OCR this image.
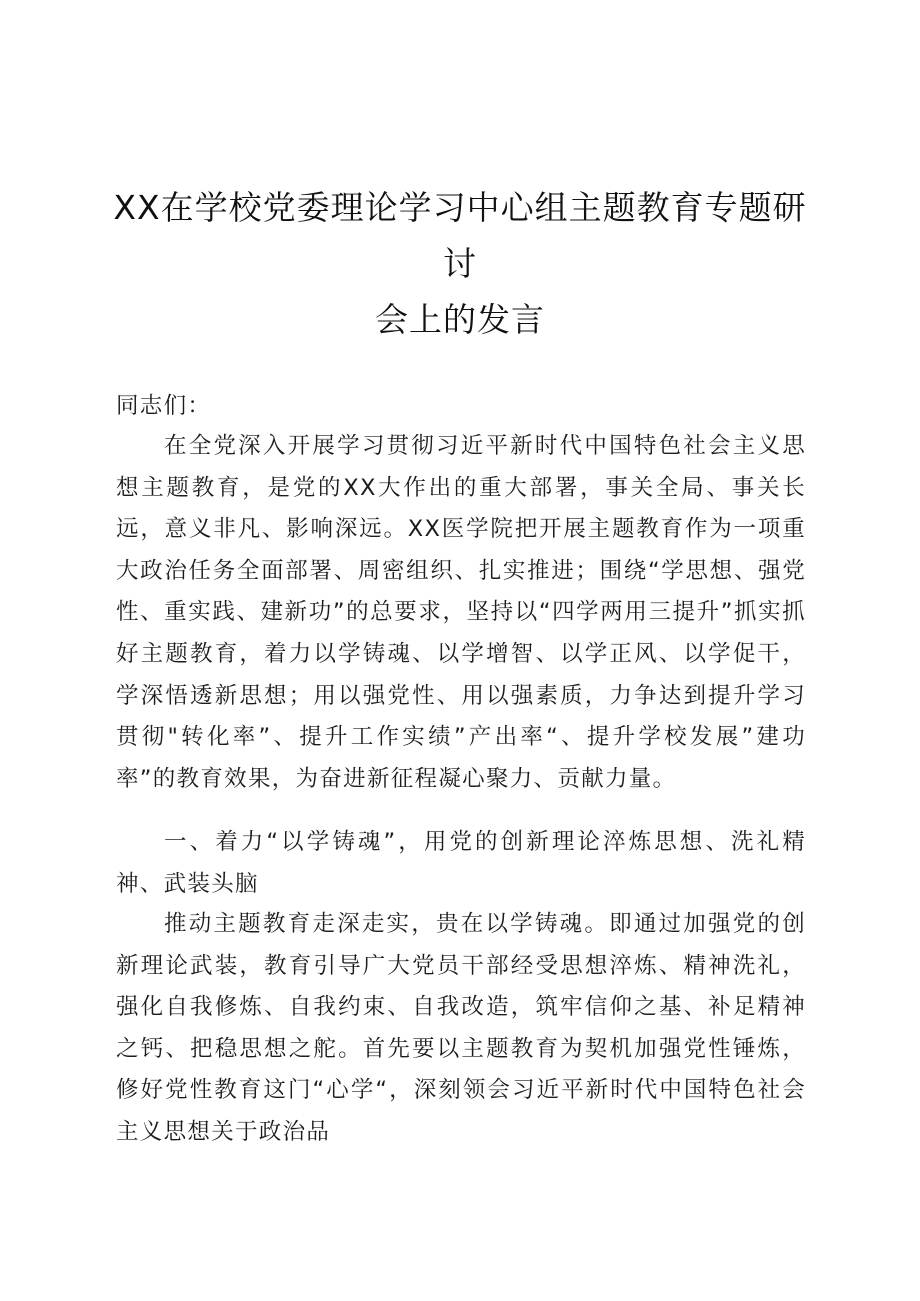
XX在学校党委理论学习中心组主题教育专题研讨
会上的发言

同志们：

在全党深入开展学习贯彻习近平新时代中国特色社会主义思想主题教育，是党的XX大作出的重大部署，事关全局、事关长远，意义非凡、影响深远。XX医学院把开展主题教育作为一项重大政治任务全面部署、周密组织、扎实推进；围绕“学思想、强党性、重实践、建新功”的总要求，坚持以“四学两用三提升”抓实抓好主题教育，着力以学铸魂、以学增智、以学正风、以学促干，学深悟透新思想；用以强党性、用以强素质，力争达到提升学习贯彻"转化率”、提升工作实绩”产出率“、提升学校发展”建功率”的教育效果，为奋进新征程凝心聚力、贡献力量。

一、着力“以学铸魂”，用党的创新理论淬炼思想、洗礼精神、武装头脑

推动主题教育走深走实，贵在以学铸魂。即通过加强党的创新理论武装，教育引导广大党员干部经受思想淬炼、精神洗礼，强化自我修炼、自我约束、自我改造，筑牢信仰之基、补足精神之钙、把稳思想之舵。首先要以主题教育为契机加强党性锤炼，修好党性教育这门“心学“，深刻领会习近平新时代中国特色社会主义思想关于政治品
